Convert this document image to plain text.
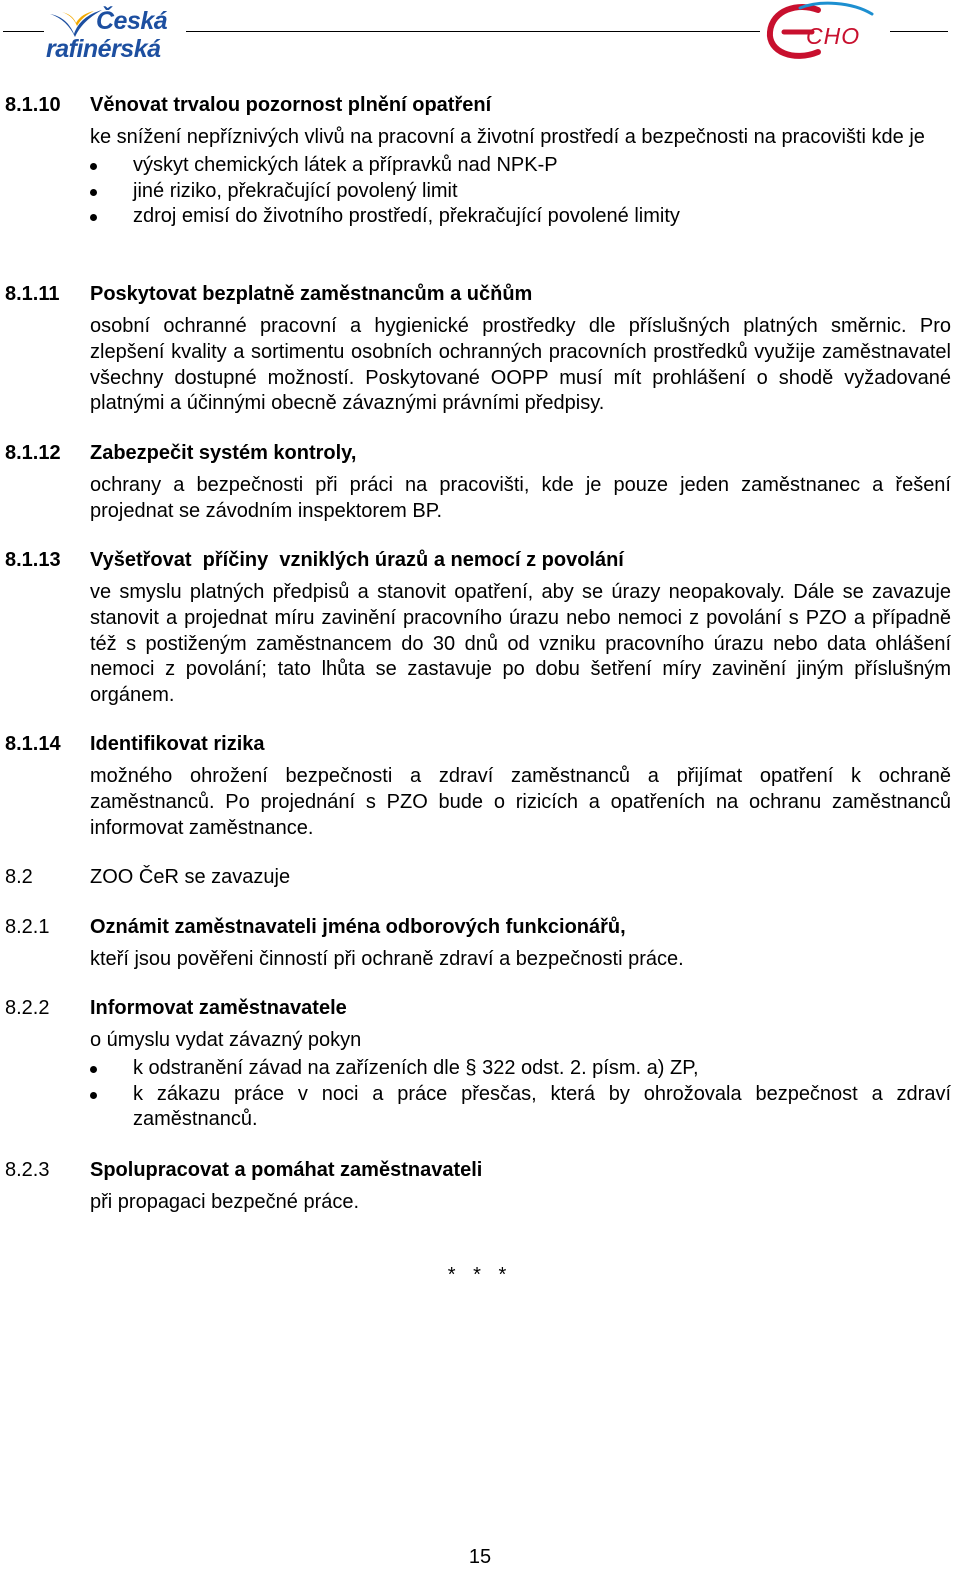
Česká
rafinérská	CHO
8.1.10 Věnovat trvalou pozornost plnění opatření

ke snížení nepříznivých vlivů na pracovní a životní prostředí a bezpečnosti na pracovišti kde je

výskyt chemických látek a přípravků nad NPK-P
jiné riziko, překračující povolený limit
zdroj emisí do životního prostředí, překračující povolené limity
8.1.11 Poskytovat bezplatně zaměstnancům a učňům

osobní ochranné pracovní a hygienické prostředky dle příslušných platných směrnic. Pro zlepšení kvality a sortimentu osobních ochranných pracovních prostředků využije zaměstnavatel všechny dostupné možností. Poskytované OOPP musí mít prohlášení o shodě vyžadované platnými a účinnými obecně závaznými právními předpisy.

8.1.12 Zabezpečit systém kontroly,

ochrany a bezpečnosti při práci na pracovišti, kde je pouze jeden zaměstnanec a řešení projednat se závodním inspektorem BP.

8.1.13 Vyšetřovat  příčiny  vzniklých úrazů a nemocí z povolání

ve smyslu platných předpisů a stanovit opatření, aby se úrazy neopakovaly. Dále se zavazuje stanovit a projednat míru zavinění pracovního úrazu nebo nemoci z povolání s PZO a případně též s postiženým zaměstnancem do 30 dnů od vzniku pracovního úrazu nebo data ohlášení nemoci z povolání; tato lhůta se zastavuje po dobu šetření míry zavinění jiným příslušným orgánem.

8.1.14 Identifikovat rizika

možného ohrožení bezpečnosti a zdraví zaměstnanců a přijímat opatření k ochraně zaměstnanců. Po projednání s PZO bude o rizicích a opatřeních na ochranu zaměstnanců informovat zaměstnance.

8.2	ZOO ČeR se zavazuje
8.2.1 Oznámit zaměstnavateli jména odborových funkcionářů,

kteří jsou pověřeni činností při ochraně zdraví a bezpečnosti práce.

8.2.2 Informovat zaměstnavatele

o úmyslu vydat závazný pokyn

k odstranění závad na zařízeních dle § 322 odst. 2. písm. a) ZP,
k zákazu práce v noci a práce přesčas, která by ohrožovala bezpečnost a zdraví zaměstnanců.
8.2.3 Spolupracovat a pomáhat zaměstnavateli

při propagaci bezpečné práce.

* * *
15
